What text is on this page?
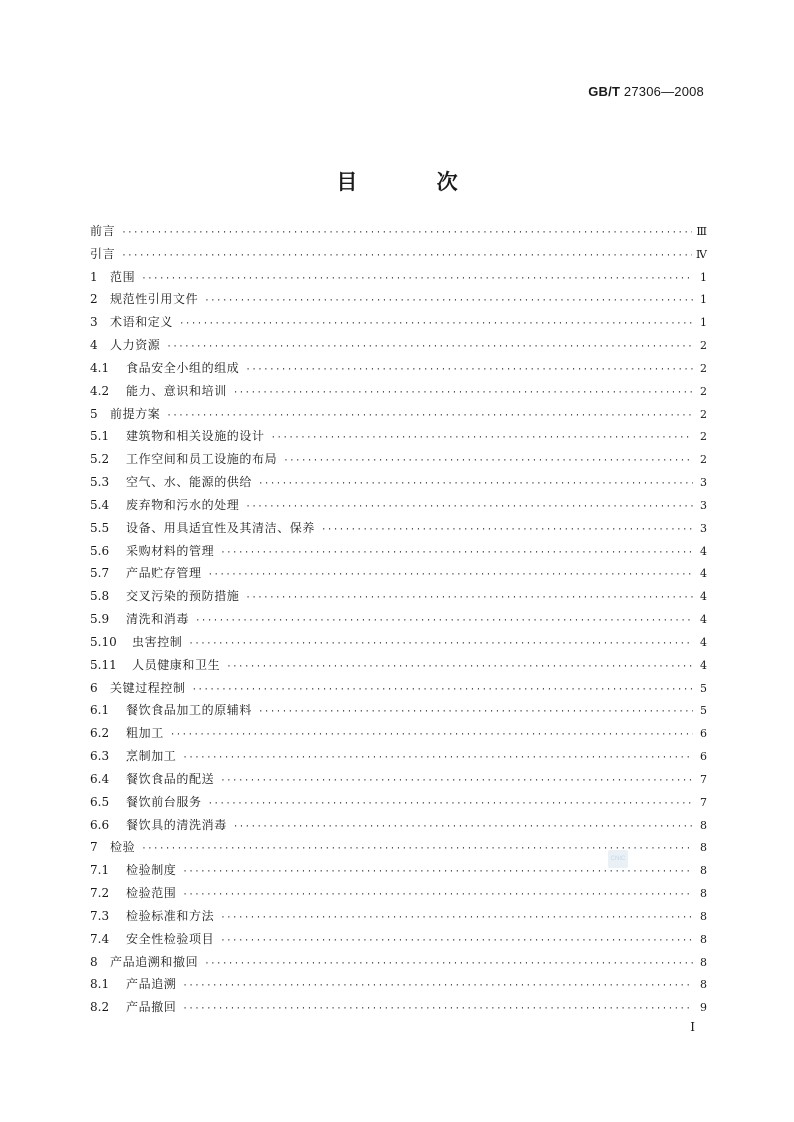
GB/T 27306—2008
CNIC
目 次
前言 ·····	Ⅲ
引言 ·····	Ⅳ
1	范围 ·····	1
2	规范性引用文件 ·····	1
3	术语和定义 ·····	1
4	人力资源 ·····	2
4.1	食品安全小组的组成 ·····	2
4.2	能力、意识和培训 ·····	2
5	前提方案 ·····	2
5.1	建筑物和相关设施的设计 ·····	2
5.2	工作空间和员工设施的布局 ·····	2
5.3	空气、水、能源的供给 ·····	3
5.4	废弃物和污水的处理 ·····	3
5.5	设备、用具适宜性及其清洁、保养 ·····	3
5.6	采购材料的管理 ·····	4
5.7	产品贮存管理 ·····	4
5.8	交叉污染的预防措施 ·····	4
5.9	清洗和消毒 ·····	4
5.10	虫害控制 ·····	4
5.11	人员健康和卫生 ·····	4
6	关键过程控制 ·····	5
6.1	餐饮食品加工的原辅料 ·····	5
6.2	粗加工 ·····	6
6.3	烹制加工 ·····	6
6.4	餐饮食品的配送 ·····	7
6.5	餐饮前台服务 ·····	7
6.6	餐饮具的清洗消毒 ·····	8
7	检验 ·····	8
7.1	检验制度 ·····	8
7.2	检验范围 ·····	8
7.3	检验标准和方法 ·····	8
7.4	安全性检验项目 ·····	8
8	产品追溯和撤回 ·····	8
8.1	产品追溯 ·····	8
8.2	产品撤回 ·····	9
Ⅰ
